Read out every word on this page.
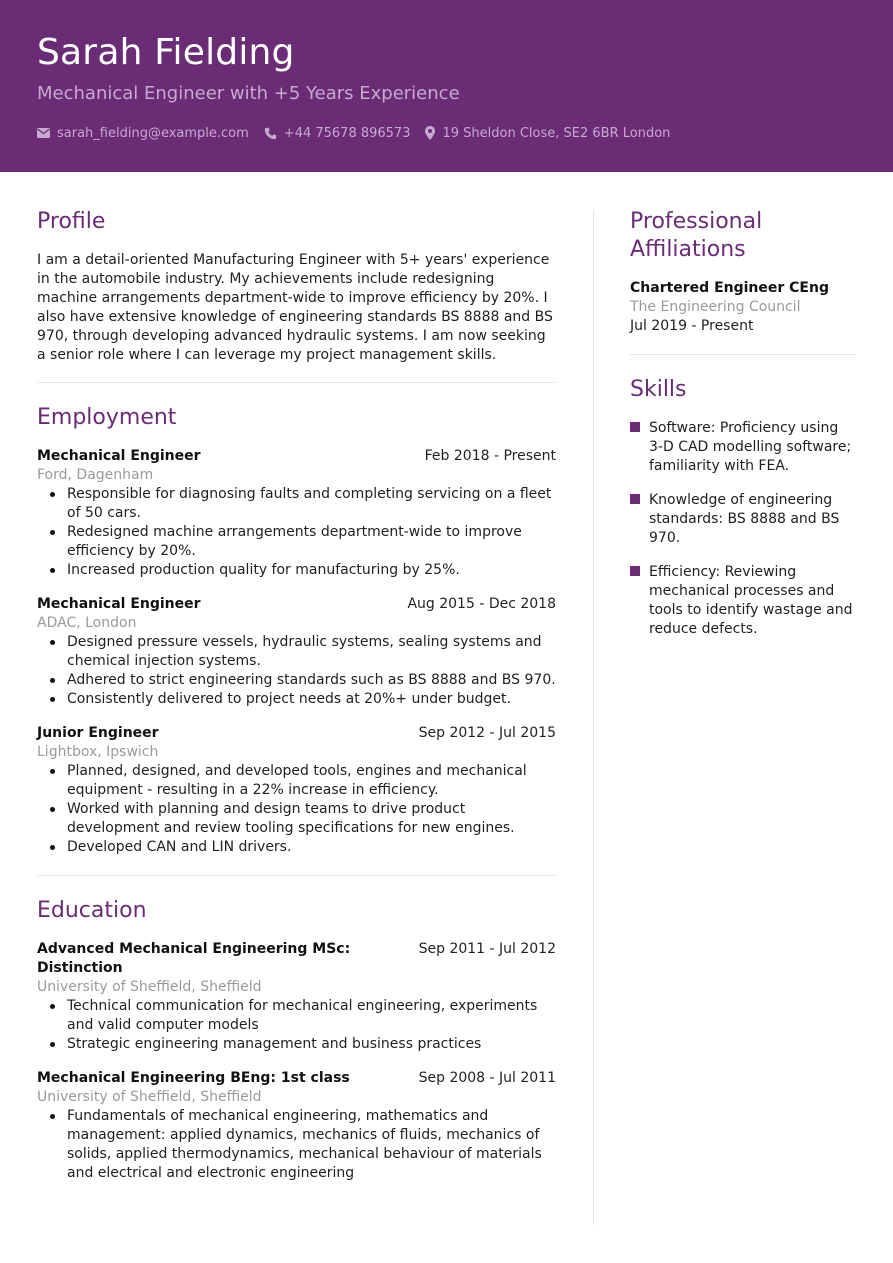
Sarah Fielding
Mechanical Engineer with +5 Years Experience
sarah_fielding@example.com	+44 75678 896573 19 Sheldon Close, SE2 6BR London
Profile

I am a detail-oriented Manufacturing Engineer with 5+ years' experience in the automobile industry. My achievements include redesigning machine arrangements department-wide to improve efficiency by 20%. I also have extensive knowledge of engineering standards BS 8888 and BS 970, through developing advanced hydraulic systems. I am now seeking a senior role where I can leverage my project management skills.

Employment
Mechanical Engineer	Feb 2018 - Present
Ford, Dagenham
Responsible for diagnosing faults and completing servicing on a fleet of 50 cars.
Redesigned machine arrangements department-wide to improve efficiency by 20%.
Increased production quality for manufacturing by 25%.
Mechanical Engineer	Aug 2015 - Dec 2018
ADAC, London
Designed pressure vessels, hydraulic systems, sealing systems and chemical injection systems.
Adhered to strict engineering standards such as BS 8888 and BS 970.
Consistently delivered to project needs at 20%+ under budget.
Junior Engineer	Sep 2012 - Jul 2015
Lightbox, Ipswich
Planned, designed, and developed tools, engines and mechanical equipment - resulting in a 22% increase in efficiency.
Worked with planning and design teams to drive product development and review tooling specifications for new engines.
Developed CAN and LIN drivers.
Education
Advanced Mechanical Engineering MSc: Distinction
Sep 2011 - Jul 2012
University of Sheffield, Sheffield
Technical communication for mechanical engineering, experiments and valid computer models
Strategic engineering management and business practices
Mechanical Engineering BEng: 1st class	Sep 2008 - Jul 2011
University of Sheffield, Sheffield
Fundamentals of mechanical engineering, mathematics and management: applied dynamics, mechanics of fluids, mechanics of solids, applied thermodynamics, mechanical behaviour of materials and electrical and electronic engineering
Professional Affiliations
Chartered Engineer CEng
The Engineering Council
Jul 2019 - Present
Skills
Software: Proficiency using 3-D CAD modelling software; familiarity with FEA.
Knowledge of engineering standards: BS 8888 and BS 970.
Efficiency: Reviewing mechanical processes and tools to identify wastage and reduce defects.
